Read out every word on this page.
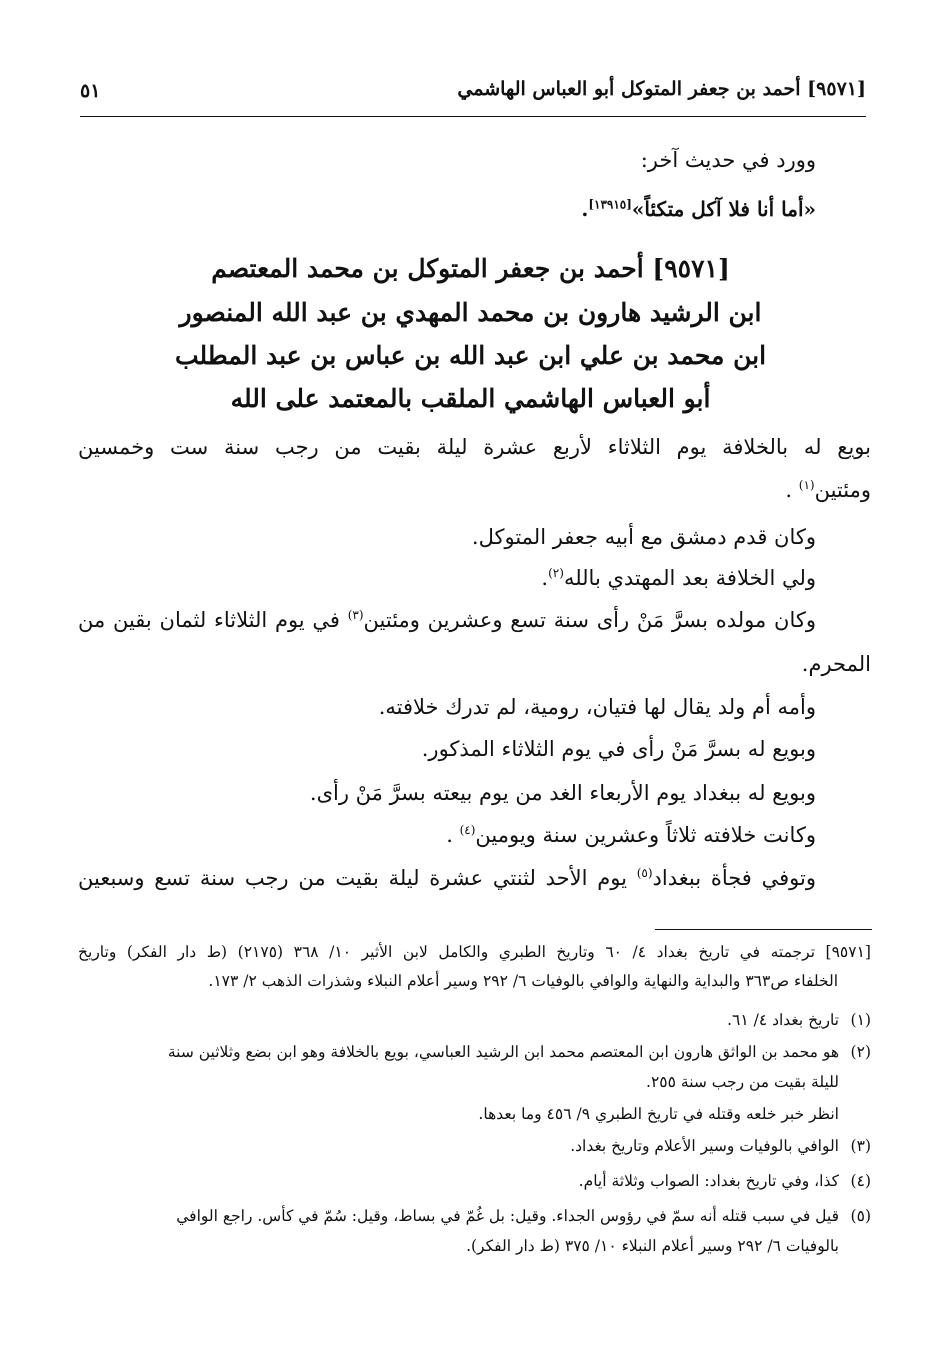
[٩٥٧١] أحمد بن جعفر المتوكل أبو العباس الهاشمي
٥١
وورد في حديث آخر:
«أما أنا فلا آكل متكئاً»[١٣٩١٥].
[٩٥٧١] أحمد بن جعفر المتوكل بن محمد المعتصم
ابن الرشيد هارون بن محمد المهدي بن عبد الله المنصور
ابن محمد بن علي ابن عبد الله بن عباس بن عبد المطلب
أبو العباس الهاشمي الملقب بالمعتمد على الله
بويع له بالخلافة يوم الثلاثاء لأربع عشرة ليلة بقيت من رجب سنة ست وخمسين
ومئتين$^{(١)}$ .
وكان قدم دمشق مع أبيه جعفر المتوكل.
ولي الخلافة بعد المهتدي بالله$^{(٢)}$.
وكان مولده بسرَّ مَنْ رأى سنة تسع وعشرين ومئتين$^{(٣)}$ في يوم الثلاثاء لثمان بقين من
المحرم.
وأمه أم ولد يقال لها فتيان، رومية، لم تدرك خلافته.
وبويع له بسرَّ مَنْ رأى في يوم الثلاثاء المذكور.
وبويع له ببغداد يوم الأربعاء الغد من يوم بيعته بسرَّ مَنْ رأى.
وكانت خلافته ثلاثاً وعشرين سنة ويومين$^{(٤)}$ .
وتوفي فجأة ببغداد$^{(٥)}$ يوم الأحد لثنتي عشرة ليلة بقيت من رجب سنة تسع وسبعين
[٩٥٧١] ترجمته في تاريخ بغداد ٤/ ٦٠ وتاريخ الطبري والكامل لابن الأثير ١٠/ ٣٦٨ (٢١٧٥) (ط دار الفكر) وتاريخ
الخلفاء ص٣٦٣ والبداية والنهاية والوافي بالوفيات ٦/ ٢٩٢ وسير أعلام النبلاء وشذرات الذهب ٢/ ١٧٣.
(١)تاريخ بغداد ٤/ ٦١.
(٢)هو محمد بن الواثق هارون ابن المعتصم محمد ابن الرشيد العباسي، بويع بالخلافة وهو ابن بضع وثلاثين سنة
لليلة بقيت من رجب سنة ٢٥٥.
انظر خبر خلعه وقتله في تاريخ الطبري ٩/ ٤٥٦ وما بعدها.
(٣)الوافي بالوفيات وسير الأعلام وتاريخ بغداد.
(٤)كذا، وفي تاريخ بغداد: الصواب وثلاثة أيام.
(٥)قيل في سبب قتله أنه سمّ في رؤوس الجداء. وقيل: بل غُمّ في بساط، وقيل: سُمّ في كأس. راجع الوافي
بالوفيات ٦/ ٢٩٢ وسير أعلام النبلاء ١٠/ ٣٧٥ (ط دار الفكر).
